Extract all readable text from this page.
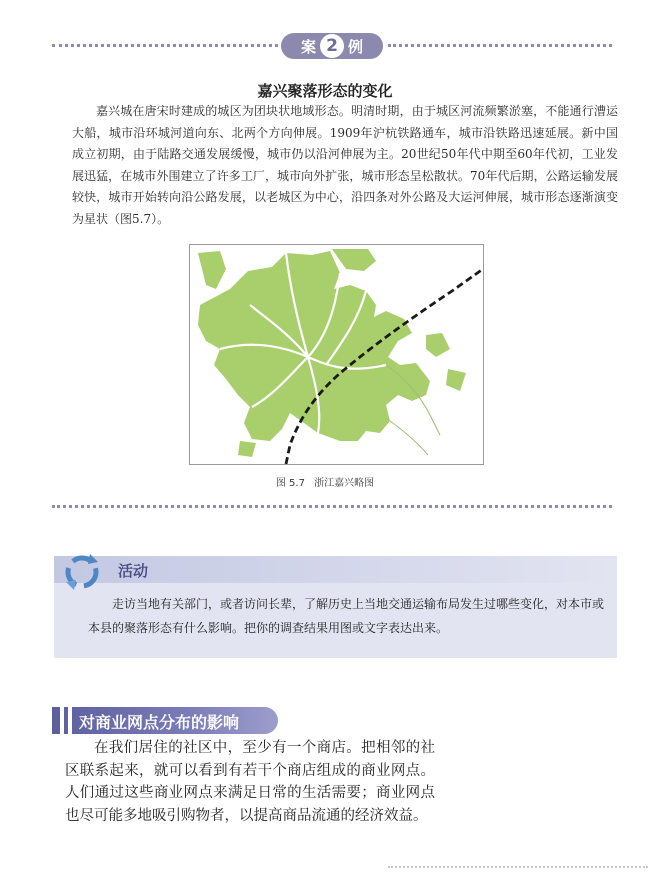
案 2 例
嘉兴聚落形态的变化

嘉兴城在唐宋时建成的城区为团块状地域形态。明清时期，由于城区河流频繁淤塞，不能通行漕运大船，城市沿环城河道向东、北两个方向伸展。1909年沪杭铁路通车，城市沿铁路迅速延展。新中国成立初期，由于陆路交通发展缓慢，城市仍以沿河伸展为主。20世纪50年代中期至60年代初，工业发展迅猛，在城市外围建立了许多工厂，城市向外扩张，城市形态呈松散状。70年代后期，公路运输发展较快，城市开始转向沿公路发展，以老城区为中心，沿四条对外公路及大运河伸展，城市形态逐渐演变为星状（图5.7）。

图 5.7 浙江嘉兴略图
活动

走访当地有关部门，或者访问长辈，了解历史上当地交通运输布局发生过哪些变化，对本市或本县的聚落形态有什么影响。把你的调查结果用图或文字表达出来。

对商业网点分布的影响

在我们居住的社区中，至少有一个商店。把相邻的社区联系起来，就可以看到有若干个商店组成的商业网点。人们通过这些商业网点来满足日常的生活需要；商业网点也尽可能多地吸引购物者，以提高商品流通的经济效益。
